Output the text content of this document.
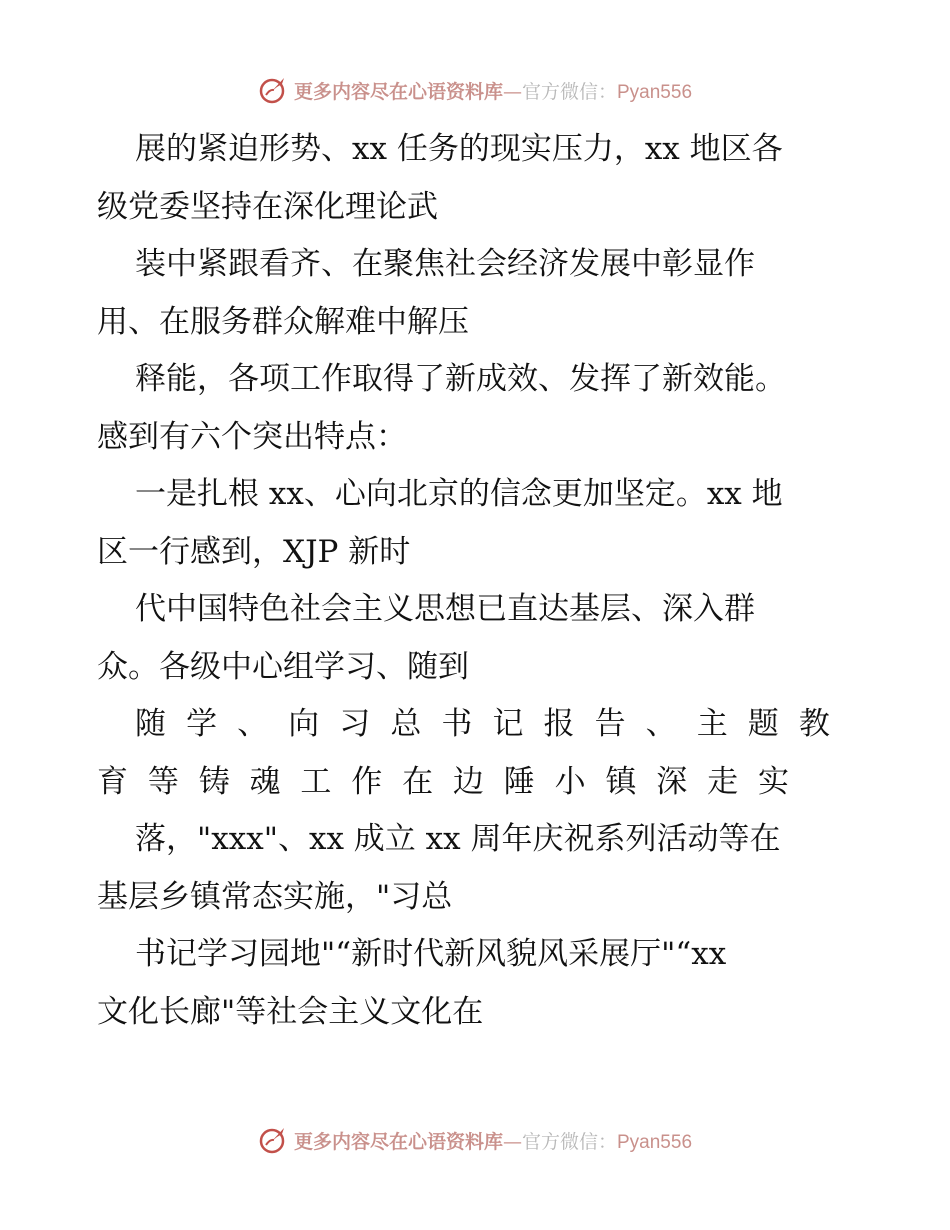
更多内容尽在心语资料库—官方微信：Pyan556
展的紧迫形势、xx 任务的现实压力，xx 地区各
级党委坚持在深化理论武
装中紧跟看齐、在聚焦社会经济发展中彰显作
用、在服务群众解难中解压
释能，各项工作取得了新成效、发挥了新效能。
感到有六个突出特点：
一是扎根 xx、心向北京的信念更加坚定。xx 地
区一行感到，XJP 新时
代中国特色社会主义思想已直达基层、深入群
众。各级中心组学习、随到
随 学 、 向 习 总 书 记 报 告 、 主 题 教
育 等 铸 魂 工 作 在 边 陲 小 镇 深 走 实
落，"xxx"、xx 成立 xx 周年庆祝系列活动等在
基层乡镇常态实施，"习总
书记学习园地"“新时代新风貌风采展厅"“xx
文化长廊"等社会主义文化在
更多内容尽在心语资料库—官方微信：Pyan556
